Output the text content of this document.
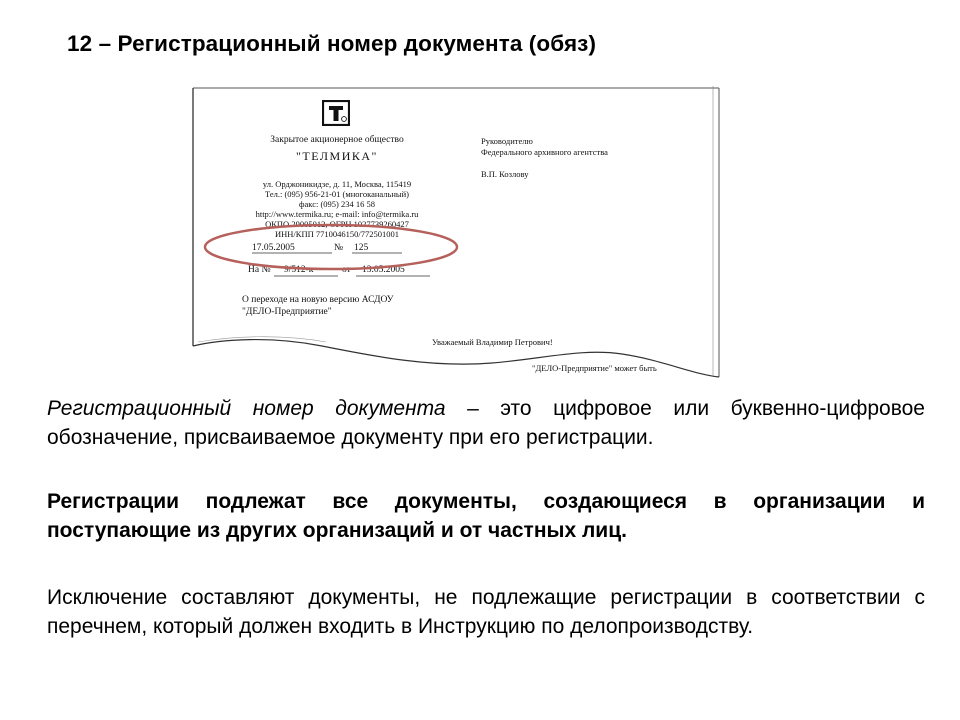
12 – Регистрационный номер документа (обяз)
Закрытое акционерное общество
"ТЕЛМИКА"
ул. Орджоникидзе, д. 11, Москва, 115419
Тел.: (095) 956-21-01 (многоканальный)
факс: (095) 234 16 58
http://www.termika.ru; e-mail: info@termika.ru
ОКПО 29005012, ОГРН 1027739260427
ИНН/КПП 7710046150/772501001
17.05.2005	№ 125
На № 9/512-к	от 13.05.2005
О переходе на новую версию АСДОУ
"ДЕЛО-Предприятие"
Руководителю
Федерального архивного агентства
В.П. Козлову
Уважаемый Владимир Петрович!
"ДЕЛО-Предприятие" может быть
Регистрационный номер документа – это цифровое или буквенно-цифровое обозначение, присваиваемое документу при его регистрации.
Регистрации подлежат все документы, создающиеся в организации и поступающие из других организаций и от частных лиц.
Исключение составляют документы, не подлежащие регистрации в соответствии с перечнем, который должен входить в Инструкцию по делопроизводству.
